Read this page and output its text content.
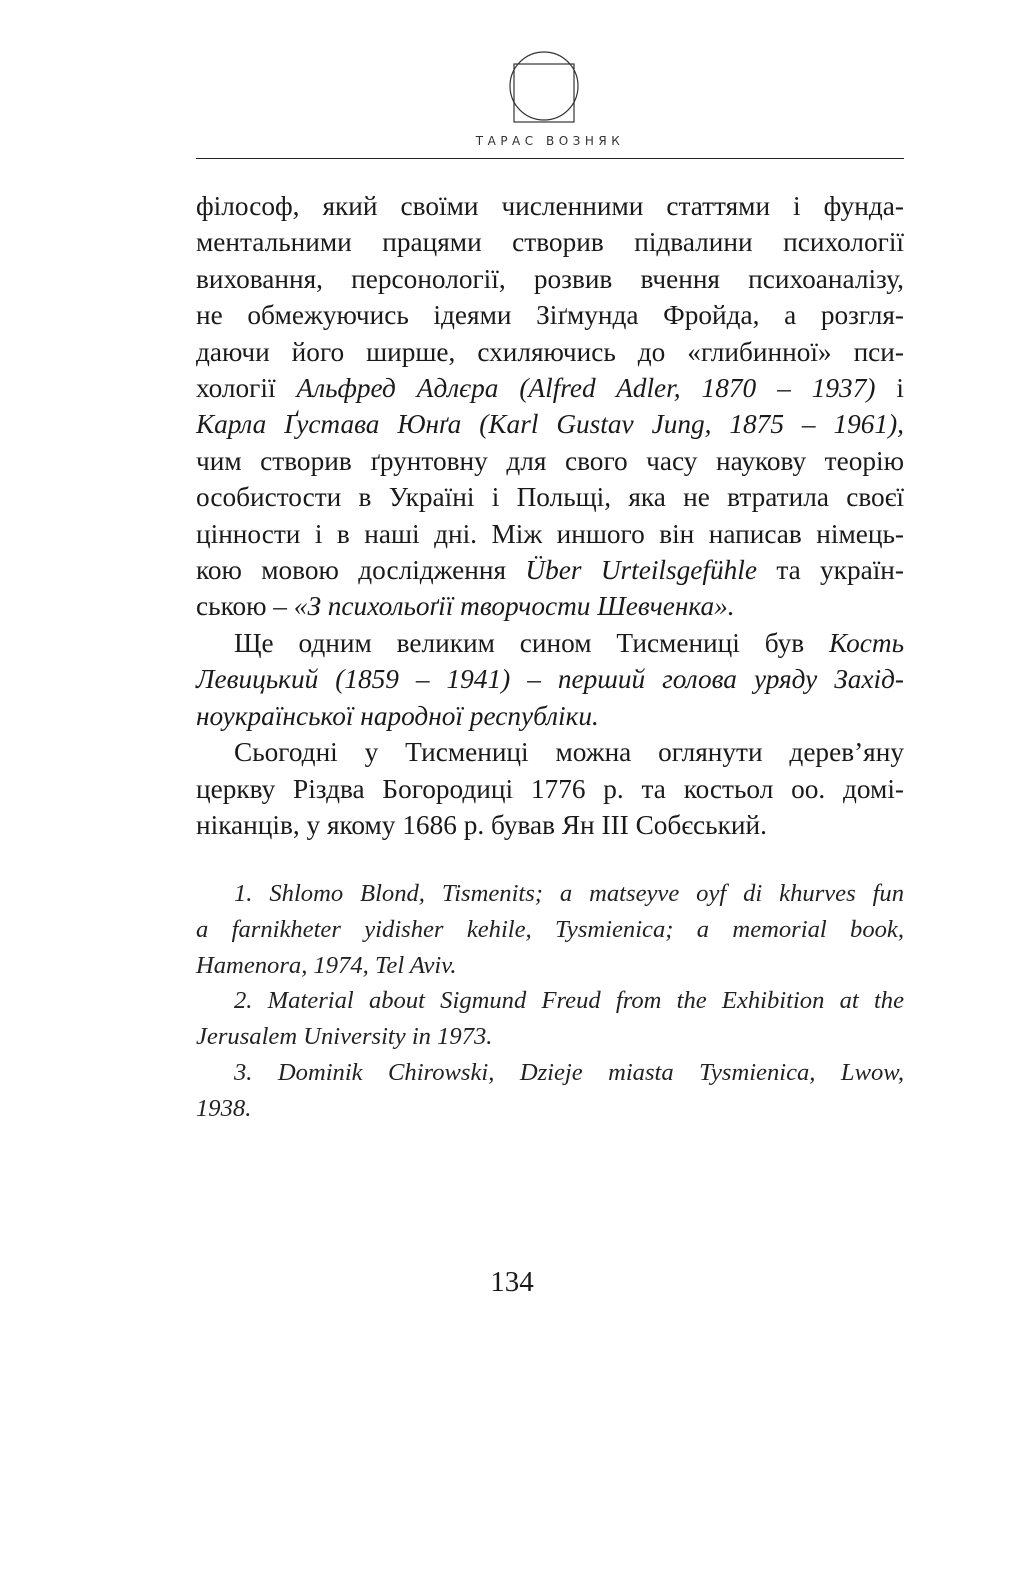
ТАРАС ВОЗНЯК

філософ, який своїми численними статтями і фунда-
ментальними працями створив підвалини психології
виховання, персонології, розвив вчення психоаналізу,
не обмежуючись ідеями Зіґмунда Фройда, а розгля-
даючи його ширше, схиляючись до «глибинної» пси-
хології Альфред Адлєра (Alfred Adler, 1870 – 1937) і
Карла Ґустава Юнґа (Karl Gustav Jung, 1875 – 1961),
чим створив ґрунтовну для свого часу наукову теорію
особистости в Україні і Польщі, яка не втратила своєї
цінности і в наші дні. Між иншого він написав німець-
кою мовою дослідження Über Urteilsgefühle та україн-
ською – «З психольоґії творчости Шевченка».

Ще одним великим сином Тисмениці був Кость
Левицький (1859 – 1941) – перший голова уряду Захід-
ноукраїнської народної республіки.

Сьогодні у Тисмениці можна оглянути дерев’яну
церкву Різдва Богородиці 1776 р. та костьол оо. домі-
ніканців, у якому 1686 р. бував Ян ІІІ Собєський.

1. Shlomo Blond, Tismenits; a matseyve oyf di khurves fun
a farnikheter yidisher kehile, Tysmienica; a memorial book,
Hamenora, 1974, Tel Aviv.

2. Material about Sigmund Freud from the Exhibition at the
Jerusalem University in 1973.

3. Dominik Chirowski, Dzieje miasta Tysmienica, Lwow,
1938.

134
